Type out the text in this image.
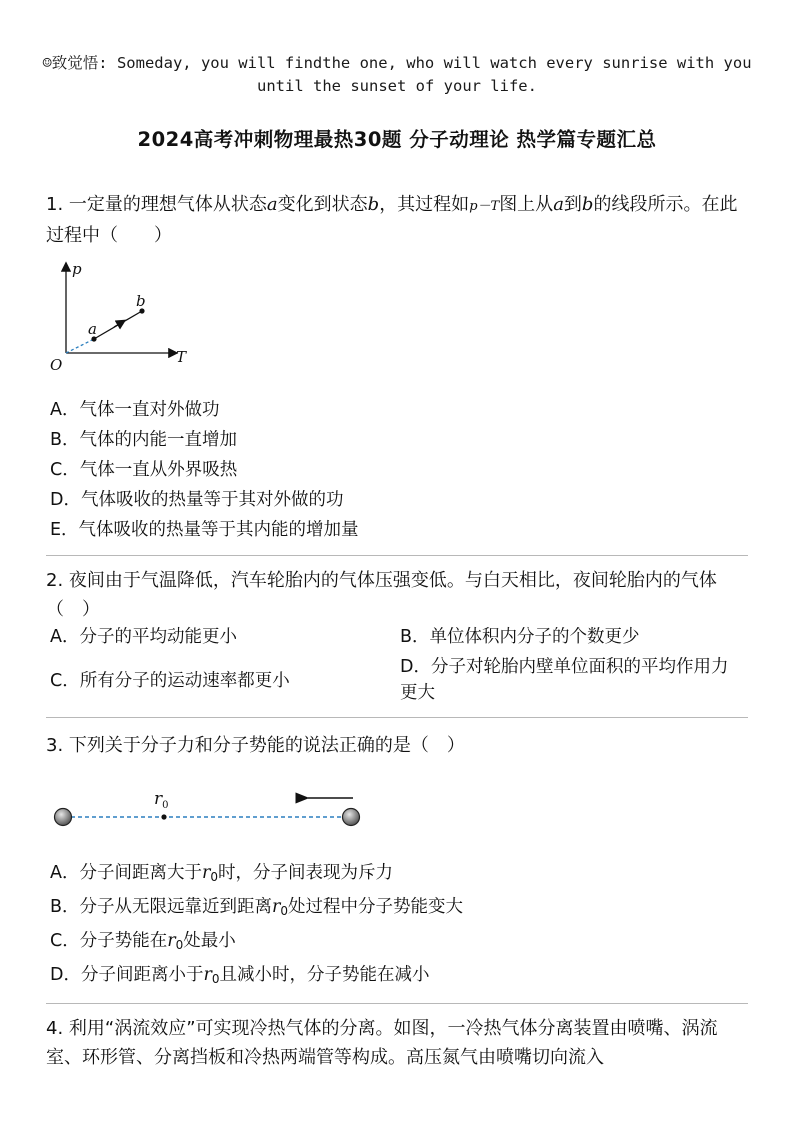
☺致觉悟: Someday, you will findthe one, who will watch every sunrise with you until the sunset of your life.
2024高考冲刺物理最热30题 分子动理论 热学篇专题汇总
1. 一定量的理想气体从状态a变化到状态b，其过程如p－T图上从a到b的线段所示。在此过程中（　　）
p
T
O
a
b
A．气体一直对外做功
B．气体的内能一直增加
C．气体一直从外界吸热
D．气体吸收的热量等于其对外做的功
E．气体吸收的热量等于其内能的增加量
2. 夜间由于气温降低，汽车轮胎内的气体压强变低。与白天相比，夜间轮胎内的气体（　）
A．分子的平均动能更小	B．单位体积内分子的个数更少
C．所有分子的运动速率都更小
D．分子对轮胎内壁单位面积的平均作用力更大
3. 下列关于分子力和分子势能的说法正确的是（　）
$r_0$
A．分子间距离大于$r_0$时，分子间表现为斥力
B．分子从无限远靠近到距离$r_0$处过程中分子势能变大
C．分子势能在$r_0$处最小
D．分子间距离小于$r_0$且减小时，分子势能在减小
4. 利用“涡流效应”可实现冷热气体的分离。如图，一冷热气体分离装置由喷嘴、涡流室、环形管、分离挡板和冷热两端管等构成。高压氮气由喷嘴切向流入
